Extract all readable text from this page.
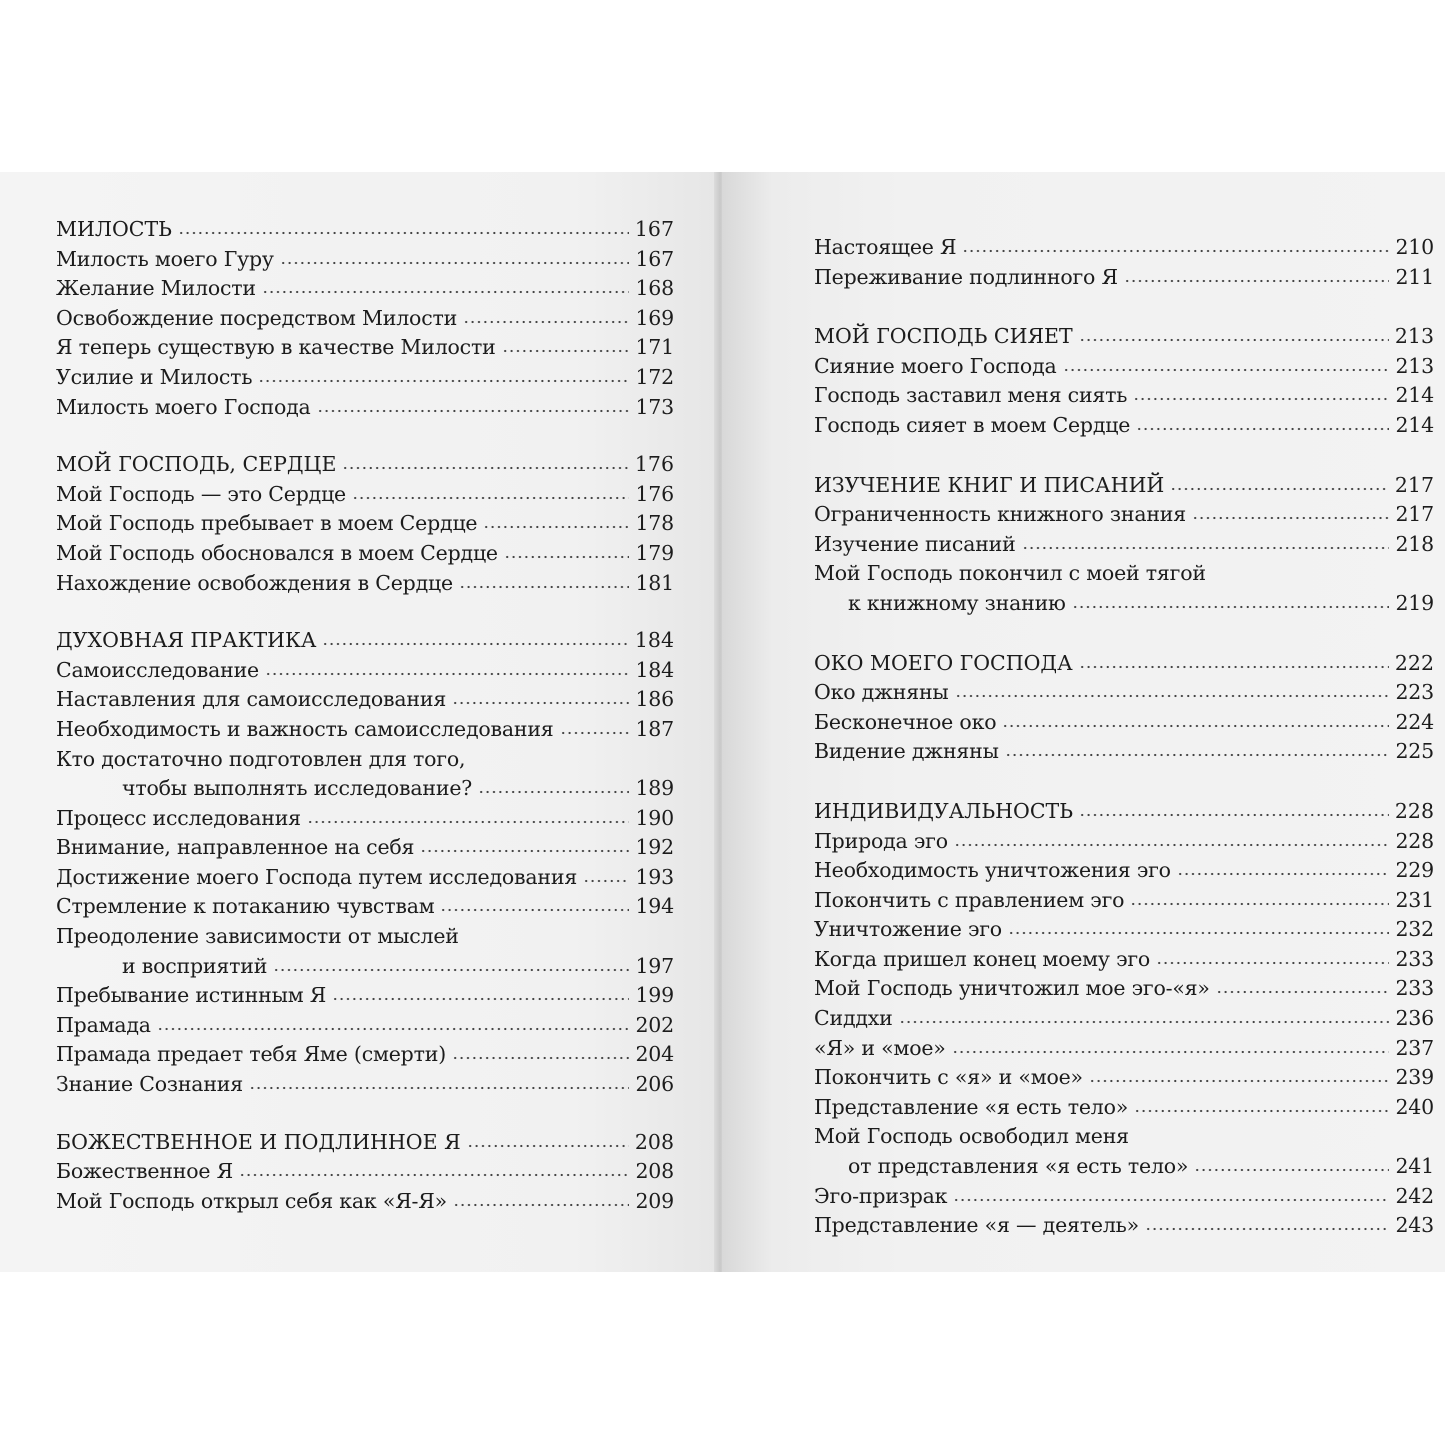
МИЛОСТЬ	167
Милость моего Гуру	167
Желание Милости	168
Освобождение посредством Милости	169
Я теперь существую в качестве Милости	171
Усилие и Милость	172
Милость моего Господа	173
МОЙ ГОСПОДЬ, СЕРДЦЕ	176
Мой Господь — это Сердце	176
Мой Господь пребывает в моем Сердце	178
Мой Господь обосновался в моем Сердце	179
Нахождение освобождения в Сердце	181
ДУХОВНАЯ ПРАКТИКА	184
Самоисследование	184
Наставления для самоисследования	186
Необходимость и важность самоисследования	187
Кто достаточно подготовлен для того,
чтобы выполнять исследование?	189
Процесс исследования	190
Внимание, направленное на себя	192
Достижение моего Господа путем исследования	193
Стремление к потаканию чувствам	194
Преодоление зависимости от мыслей
и восприятий	197
Пребывание истинным Я	199
Прамада	202
Прамада предает тебя Яме (смерти)	204
Знание Сознания	206
БОЖЕСТВЕННОЕ И ПОДЛИННОЕ Я	208
Божественное Я	208
Мой Господь открыл себя как «Я-Я»	209
Настоящее Я	210
Переживание подлинного Я	211
МОЙ ГОСПОДЬ СИЯЕТ	213
Сияние моего Господа	213
Господь заставил меня сиять	214
Господь сияет в моем Сердце	214
ИЗУЧЕНИЕ КНИГ И ПИСАНИЙ	217
Ограниченность книжного знания	217
Изучение писаний	218
Мой Господь покончил с моей тягой
к книжному знанию	219
ОКО МОЕГО ГОСПОДА	222
Око джняны	223
Бесконечное око	224
Видение джняны	225
ИНДИВИДУАЛЬНОСТЬ	228
Природа эго	228
Необходимость уничтожения эго	229
Покончить с правлением эго	231
Уничтожение эго	232
Когда пришел конец моему эго	233
Мой Господь уничтожил мое эго-«я»	233
Сиддхи	236
«Я» и «мое»	237
Покончить с «я» и «мое»	239
Представление «я есть тело»	240
Мой Господь освободил меня
от представления «я есть тело»	241
Эго-призрак	242
Представление «я — деятель»	243
